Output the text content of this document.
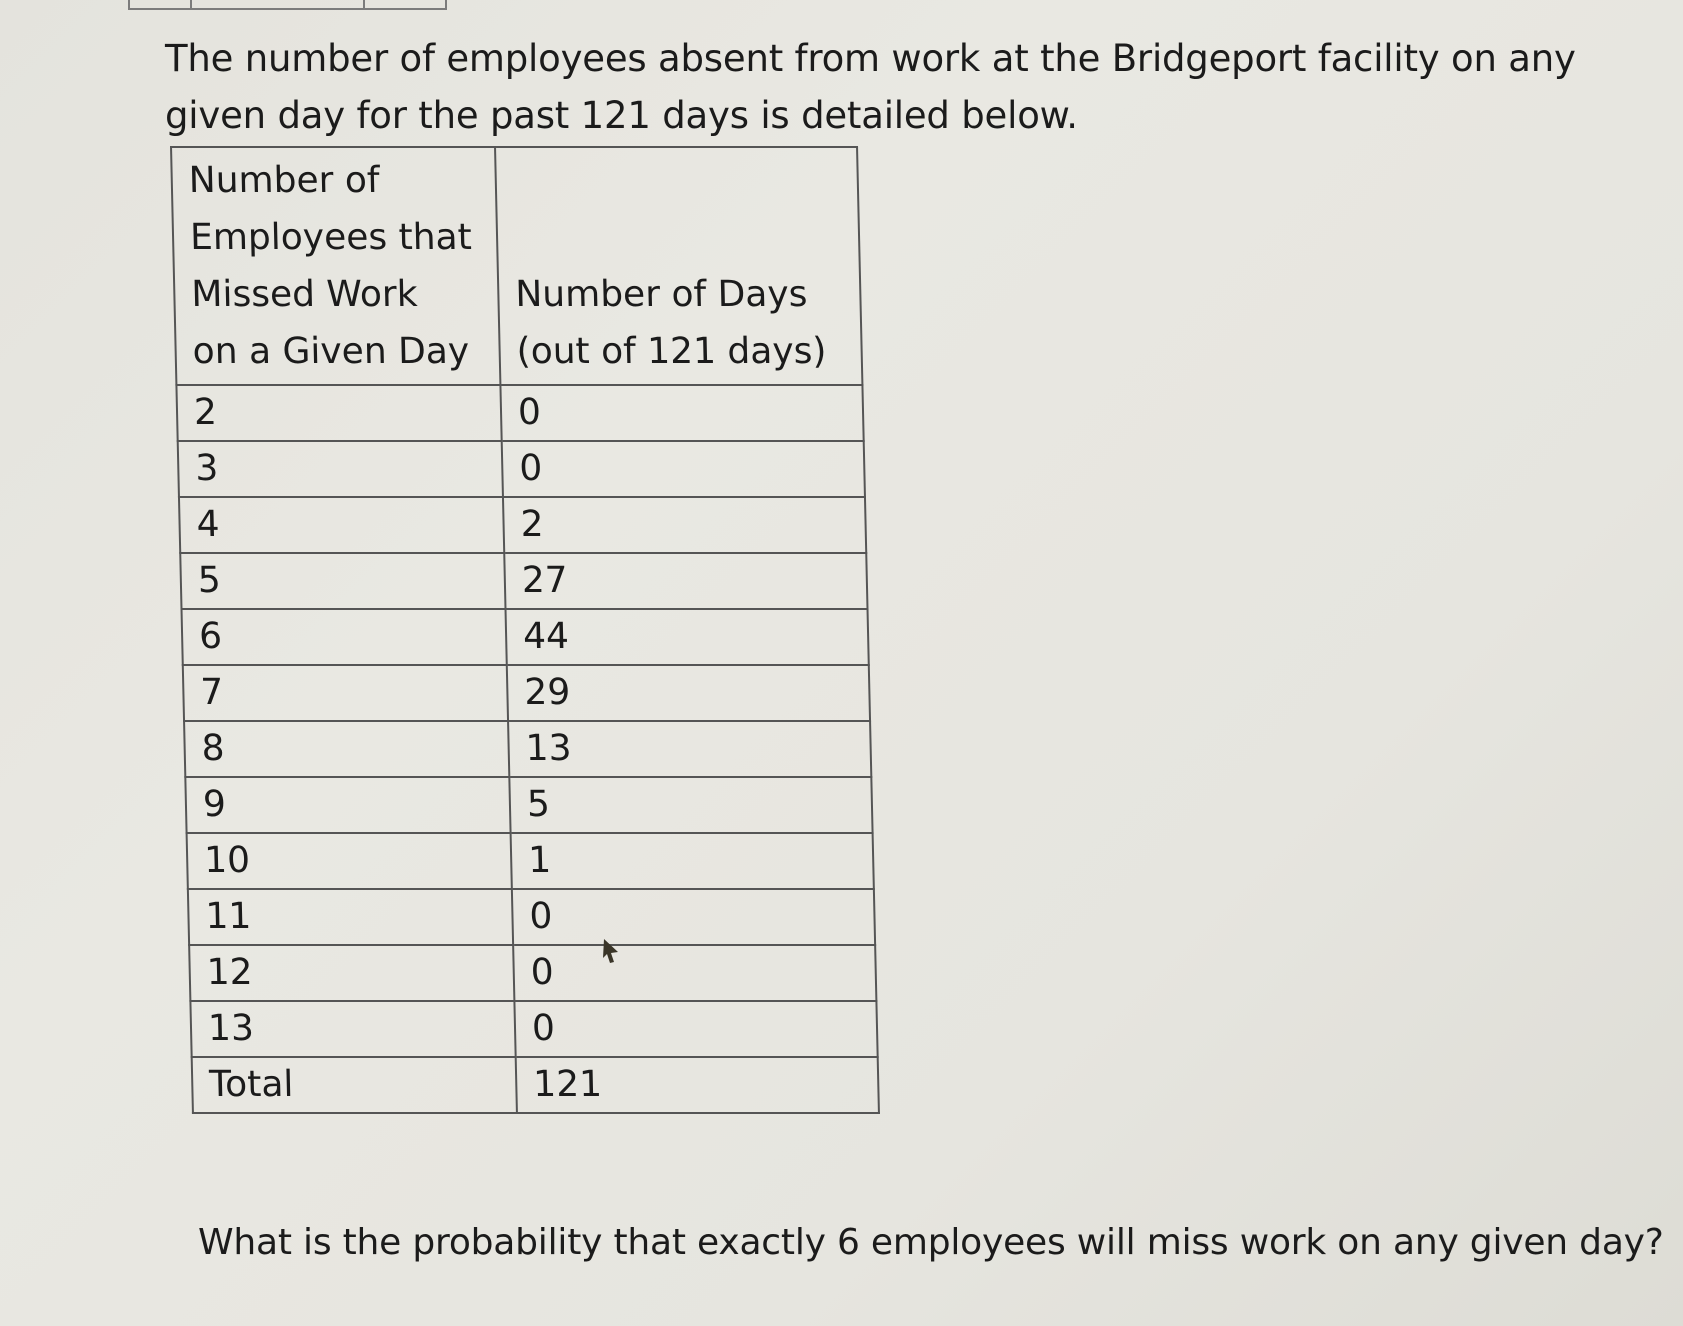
The number of employees absent from work at the Bridgeport facility on any given day for the past 121 days is detailed below.

Number of
Employees that
Missed Work
on a Given Day	Number of Days
(out of 121 days)

2	0
3	0
4	2
5	27
6	44
7	29
8	13
9	5
10	1
11	0
12	0
13	0
Total	121

What is the probability that exactly 6 employees will miss work on any given day?
